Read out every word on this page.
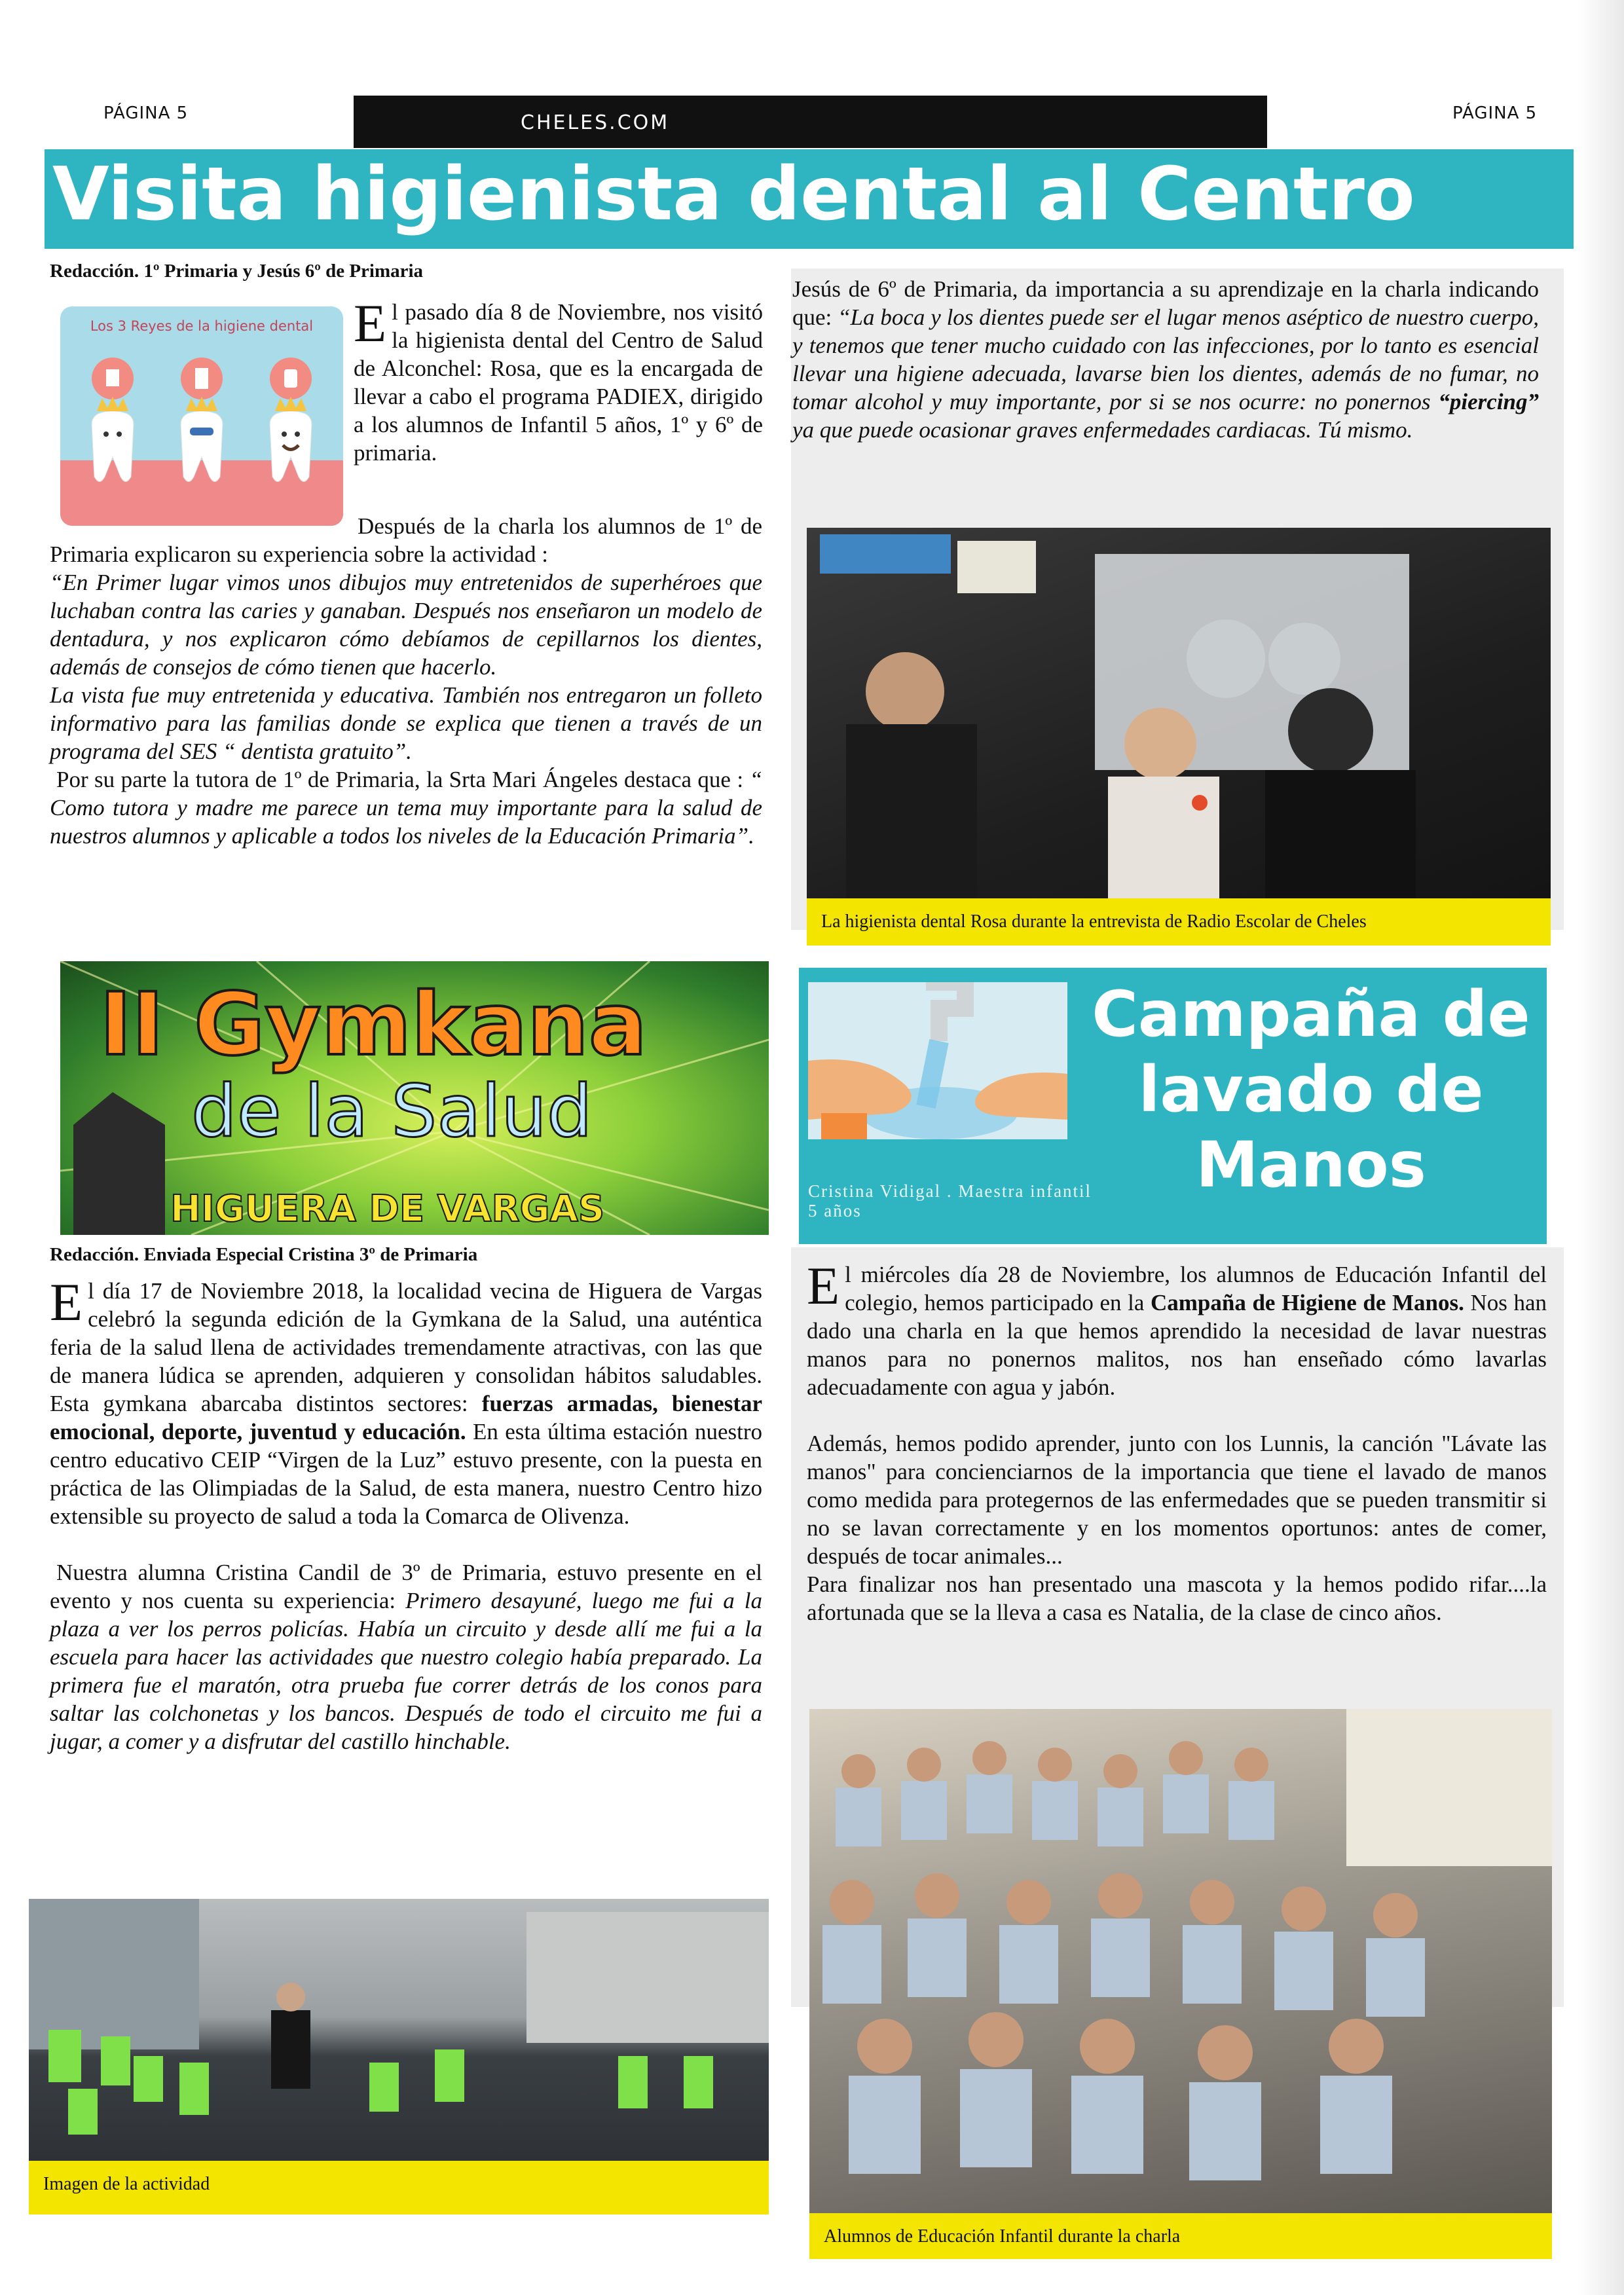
PÁGINA 5	CHELES.COM	PÁGINA 5
Visita higienista dental al Centro
Redacción. 1º Primaria y Jesús 6º de Primaria
Los 3 Reyes de la higiene dental El pasado día 8 de Noviembre, nos visitó la higienista dental del Centro de Salud de Alconchel: Rosa, que es la encargada de llevar a cabo el programa PADIEX, dirigido a los alumnos de Infantil 5 años, 1º y 6º de primaria.

Después de la charla los alumnos de 1º de Primaria explicaron su experiencia sobre la actividad :

“En Primer lugar vimos unos dibujos muy entretenidos de superhéroes que luchaban contra las caries y ganaban. Después nos enseñaron un modelo de dentadura, y nos explicaron cómo debíamos de cepillarnos los dientes, además de consejos de cómo tienen que hacerlo.

La vista fue muy entretenida y educativa. También nos entregaron un folleto informativo para las familias donde se explica que tienen a través de un programa del SES “ dentista gratuito”.

Por su parte la tutora de 1º de Primaria, la Srta Mari Ángeles destaca que : “ Como tutora y madre me parece un tema muy importante para la salud de nuestros alumnos y aplicable a todos los niveles de la Educación Primaria”.

Jesús de 6º de Primaria, da importancia a su aprendizaje en la charla indicando que: “La boca y los dientes puede ser el lugar menos aséptico de nuestro cuerpo, y tenemos que tener mucho cuidado con las infecciones, por lo tanto es esencial llevar una higiene adecuada, lavarse bien los dientes, además de no fumar, no tomar alcohol y muy importante, por si se nos ocurre: no ponernos “piercing” ya que puede ocasionar graves enfermedades cardiacas. Tú mismo.

La higienista dental Rosa durante la entrevista de Radio Escolar de Cheles
II Gymkana
de la Salud
HIGUERA DE VARGAS
Redacción. Enviada Especial Cristina 3º de Primaria

El día 17 de Noviembre 2018, la localidad vecina de Higuera de Vargas celebró la segunda edición de la Gymkana de la Salud, una auténtica feria de la salud llena de actividades tremendamente atractivas, con las que de manera lúdica se aprenden, adquieren y consolidan hábitos saludables. Esta gymkana abarcaba distintos sectores: fuerzas armadas, bienestar emocional, deporte, juventud y educación. En esta última estación nuestro centro educativo CEIP “Virgen de la Luz” estuvo presente, con la puesta en práctica de las Olimpiadas de la Salud, de esta manera, nuestro Centro hizo extensible su proyecto de salud a toda la Comarca de Olivenza.

Nuestra alumna Cristina Candil de 3º de Primaria, estuvo presente en el evento y nos cuenta su experiencia: Primero desayuné, luego me fui a la plaza a ver los perros policías. Había un circuito y desde allí me fui a la escuela para hacer las actividades que nuestro colegio había preparado. La primera fue el maratón, otra prueba fue correr detrás de los conos para saltar las colchonetas y los bancos. Después de todo el circuito me fui a jugar, a comer y a disfrutar del castillo hinchable.

Imagen de la actividad
Campaña de
lavado de
Manos
Cristina Vidigal . Maestra infantil
5 años

El miércoles día 28 de Noviembre, los alumnos de Educación Infantil del colegio, hemos participado en la Campaña de Higiene de Manos. Nos han dado una charla en la que hemos aprendido la necesidad de lavar nuestras manos para no ponernos malitos, nos han enseñado cómo lavarlas adecuadamente con agua y jabón.

Además, hemos podido aprender, junto con los Lunnis, la canción "Lávate las manos" para concienciarnos de la importancia que tiene el lavado de manos como medida para protegernos de las enfermedades que se pueden transmitir si no se lavan correctamente y en los momentos oportunos: antes de comer, después de tocar animales...

Para finalizar nos han presentado una mascota y la hemos podido rifar....la afortunada que se la lleva a casa es Natalia, de la clase de cinco años.

Alumnos de Educación Infantil durante la charla
